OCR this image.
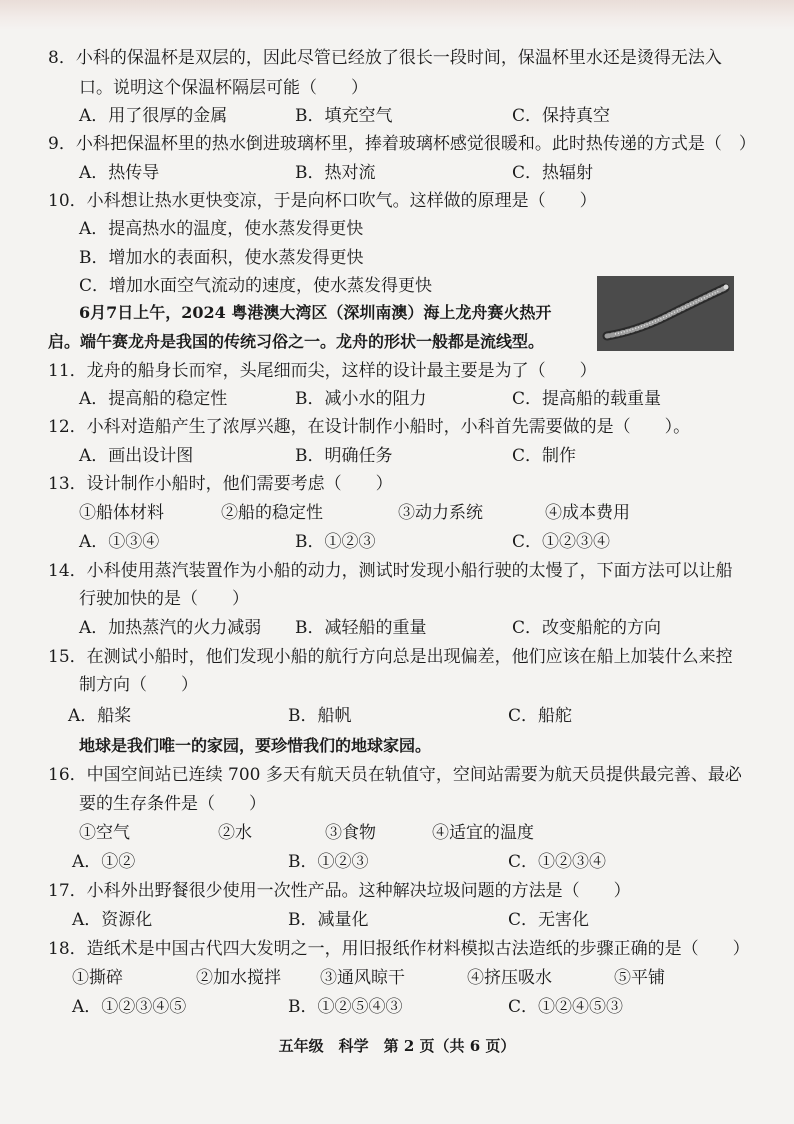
8．小科的保温杯是双层的，因此尽管已经放了很长一段时间，保温杯里水还是烫得无法入
口。说明这个保温杯隔层可能（　　）
A．用了很厚的金属	B．填充空气	C．保持真空
9．小科把保温杯里的热水倒进玻璃杯里，捧着玻璃杯感觉很暖和。此时热传递的方式是（　）
A．热传导	B．热对流	C．热辐射
10．小科想让热水更快变凉，于是向杯口吹气。这样做的原理是（　　）
A．提高热水的温度，使水蒸发得更快
B．增加水的表面积，使水蒸发得更快
C．增加水面空气流动的速度，使水蒸发得更快
6月7日上午，2024 粤港澳大湾区（深圳南澳）海上龙舟赛火热开
启。端午赛龙舟是我国的传统习俗之一。龙舟的形状一般都是流线型。
11．龙舟的船身长而窄，头尾细而尖，这样的设计最主要是为了（　　）
A．提高船的稳定性	B．减小水的阻力	C．提高船的载重量
12．小科对造船产生了浓厚兴趣，在设计制作小船时，小科首先需要做的是（　　）。
A．画出设计图	B．明确任务	C．制作
13．设计制作小船时，他们需要考虑（　　）
①船体材料	②船的稳定性	③动力系统	④成本费用
A．①③④	B．①②③	C．①②③④
14．小科使用蒸汽装置作为小船的动力，测试时发现小船行驶的太慢了，下面方法可以让船
行驶加快的是（　　）
A．加热蒸汽的火力减弱 B．减轻船的重量	C．改变船舵的方向
15．在测试小船时，他们发现小船的航行方向总是出现偏差，他们应该在船上加装什么来控
制方向（　　）
A．船桨	B．船帆	C．船舵
地球是我们唯一的家园，要珍惜我们的地球家园。
16．中国空间站已连续 700 多天有航天员在轨值守，空间站需要为航天员提供最完善、最必
要的生存条件是（　　）
①空气	②水	③食物	④适宜的温度
A．①②	B．①②③	C．①②③④
17．小科外出野餐很少使用一次性产品。这种解决垃圾问题的方法是（　　）
A．资源化	B．减量化	C．无害化
18．造纸术是中国古代四大发明之一，用旧报纸作材料模拟古法造纸的步骤正确的是（　　）
①撕碎	②加水搅拌 ③通风晾干	④挤压吸水	⑤平铺
A．①②③④⑤	B．①②⑤④③	C．①②④⑤③
五年级　科学　第 2 页（共 6 页）
